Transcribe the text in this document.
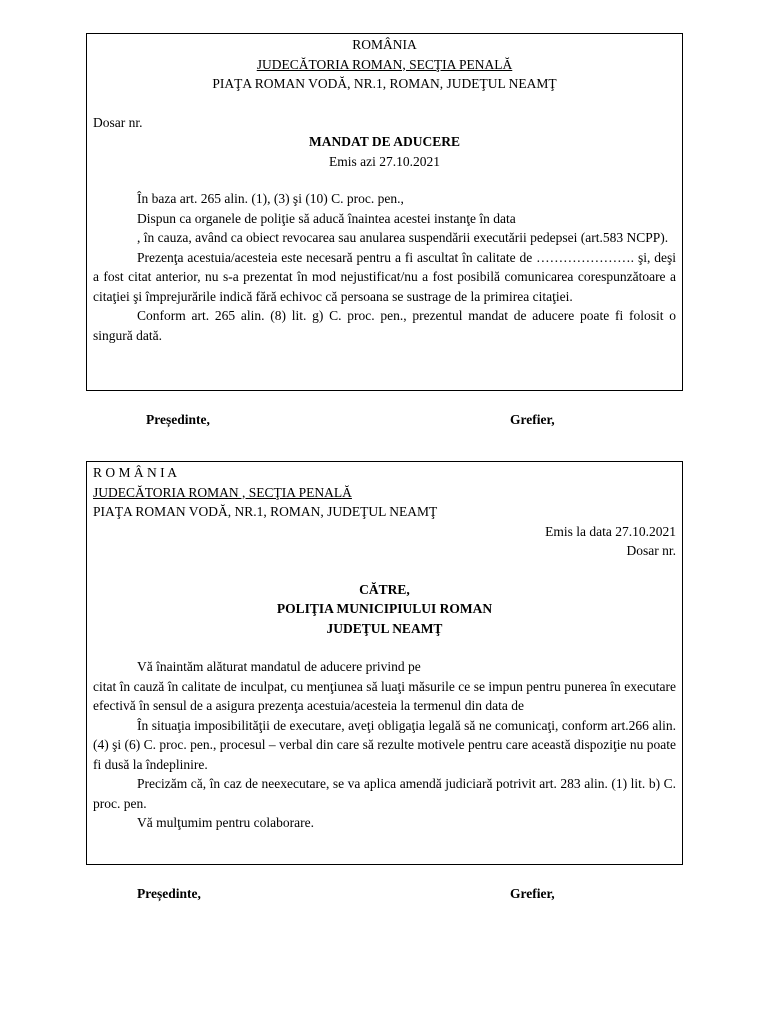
ROMÂNIA
JUDECĂTORIA ROMAN, SECŢIA PENALĂ
PIAŢA ROMAN VODĂ, NR.1, ROMAN, JUDEŢUL NEAMŢ
Dosar nr.
MANDAT DE ADUCERE
Emis azi 27.10.2021

În baza art. 265 alin. (1), (3) şi (10) C. proc. pen.,

Dispun ca organele de poliţie să aducă înaintea acestei instanţe în data

, în cauza, având ca obiect revocarea sau anularea suspendării executării pedepsei (art.583 NCPP).

Prezenţa acestuia/acesteia este necesară pentru a fi ascultat în calitate de …………………. şi, deşi a fost citat anterior, nu s-a prezentat în mod nejustificat/nu a fost posibilă comunicarea corespunzătoare a citaţiei şi împrejurările indică fără echivoc că persoana se sustrage de la primirea citaţiei.

Conform art. 265 alin. (8) lit. g) C. proc. pen., prezentul mandat de aducere poate fi folosit o singură dată.

Președinte,	Grefier,
R O M Â N I A
JUDECĂTORIA ROMAN , SECŢIA PENALĂ
PIAŢA ROMAN VODĂ, NR.1, ROMAN, JUDEŢUL NEAMŢ
Emis la data 27.10.2021
Dosar nr.
CĂTRE,
POLIŢIA MUNICIPIULUI ROMAN
JUDEŢUL NEAMŢ

Vă înaintăm alăturat mandatul de aducere privind pe

citat în cauză în calitate de inculpat, cu menţiunea să luaţi măsurile ce se impun pentru punerea în executare efectivă în sensul de a asigura prezenţa acestuia/acesteia la termenul din data de

În situaţia imposibilităţii de executare, aveţi obligaţia legală să ne comunicaţi, conform art.266 alin.(4) şi (6) C. proc. pen., procesul – verbal din care să rezulte motivele pentru care această dispoziţie nu poate fi dusă la îndeplinire.

Precizăm că, în caz de neexecutare, se va aplica amendă judiciară potrivit art. 283 alin. (1) lit. b) C. proc. pen.

Vă mulţumim pentru colaborare.

Președinte,	Grefier,
